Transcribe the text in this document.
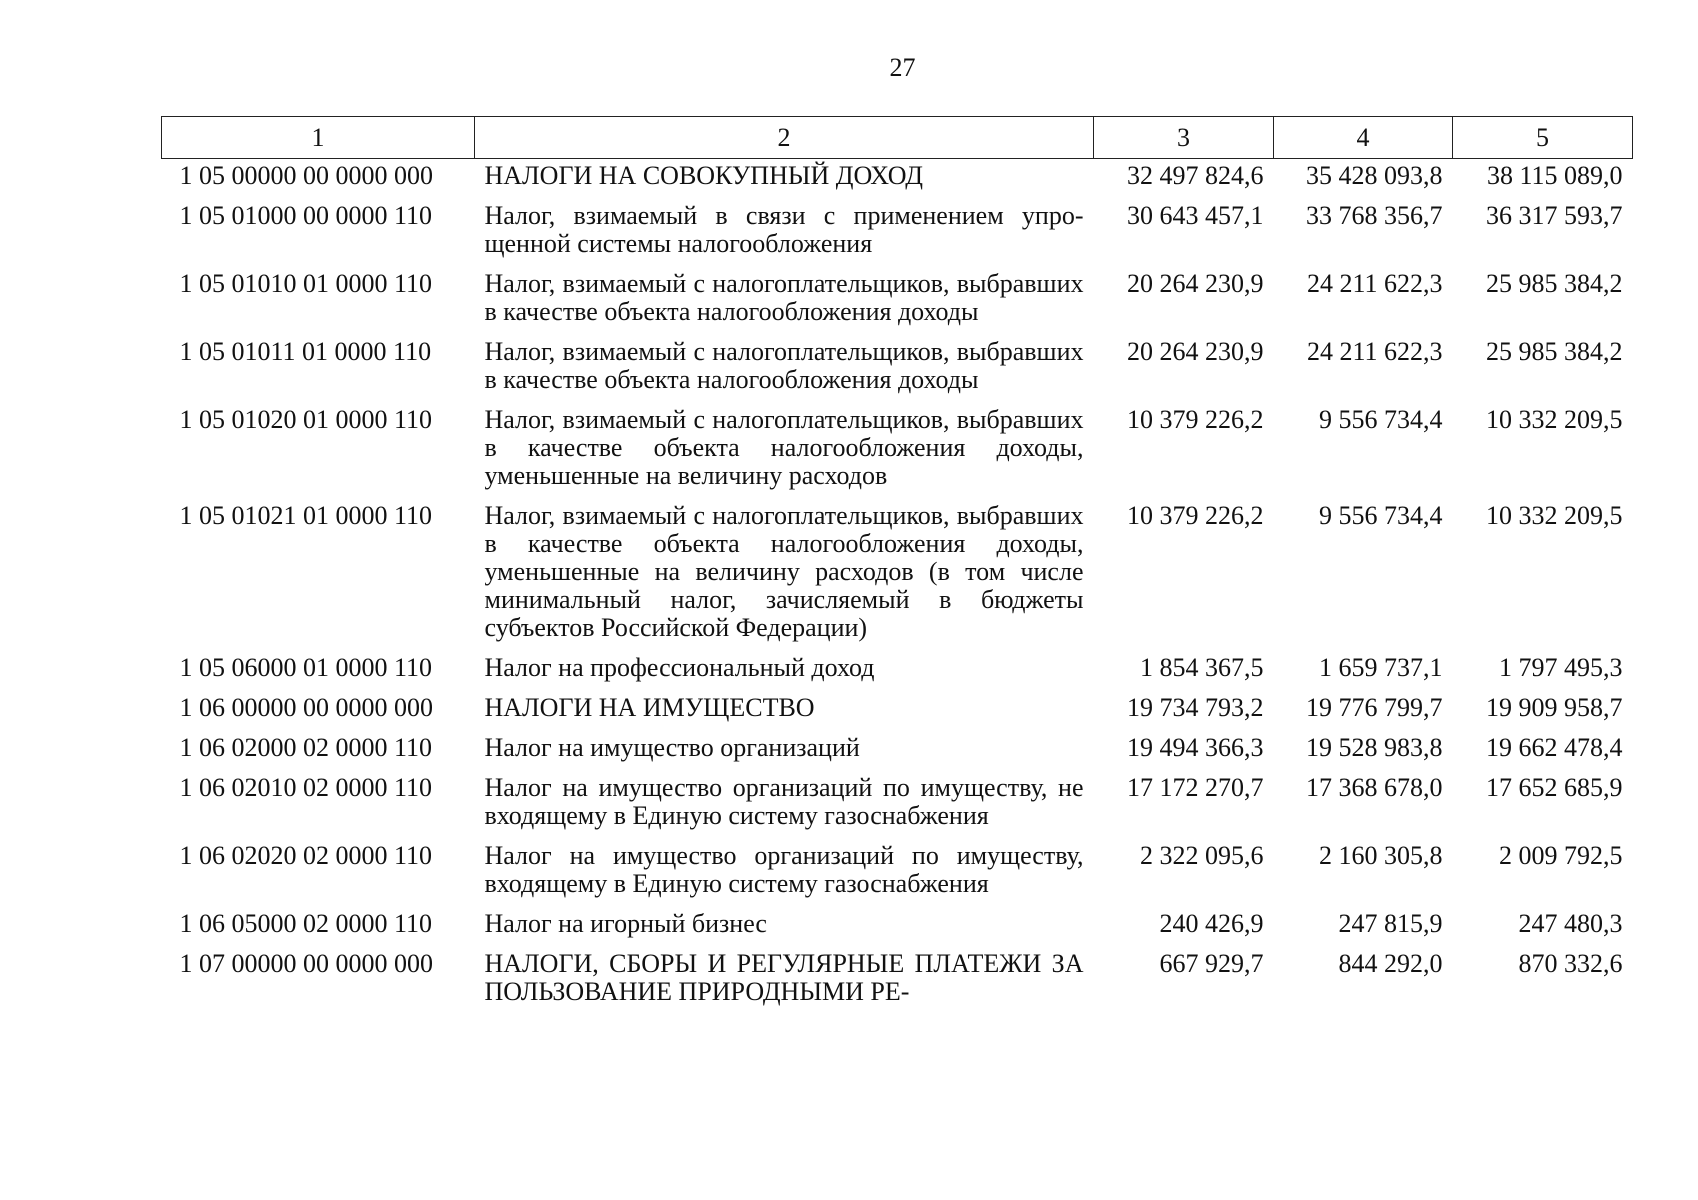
27
1	2	3	4	5
1 05 00000 00 0000 000	НАЛОГИ НА СОВОКУПНЫЙ ДОХОД	32 497 824,6	35 428 093,8	38 115 089,0
1 05 01000 00 0000 110	Налог, взимаемый в связи с применением упрощенной системы налогообложения	30 643 457,1	33 768 356,7	36 317 593,7
1 05 01010 01 0000 110	Налог, взимаемый с налогоплательщиков, выбравших в качестве объекта налогообложения доходы	20 264 230,9	24 211 622,3	25 985 384,2
1 05 01011 01 0000 110	Налог, взимаемый с налогоплательщиков, выбравших в качестве объекта налогообложения доходы	20 264 230,9	24 211 622,3	25 985 384,2
1 05 01020 01 0000 110	Налог, взимаемый с налогоплательщиков, выбравших в качестве объекта налогообложения доходы, уменьшенные на величину расходов	10 379 226,2	9 556 734,4	10 332 209,5
1 05 01021 01 0000 110	Налог, взимаемый с налогоплательщиков, выбравших в качестве объекта налогообложения доходы, уменьшенные на величину расходов (в том числе минимальный налог, зачисляемый в бюджеты субъектов Российской Федерации)	10 379 226,2	9 556 734,4	10 332 209,5
1 05 06000 01 0000 110	Налог на профессиональный доход	1 854 367,5	1 659 737,1	1 797 495,3
1 06 00000 00 0000 000	НАЛОГИ НА ИМУЩЕСТВО	19 734 793,2	19 776 799,7	19 909 958,7
1 06 02000 02 0000 110	Налог на имущество организаций	19 494 366,3	19 528 983,8	19 662 478,4
1 06 02010 02 0000 110	Налог на имущество организаций по имуществу, не входящему в Единую систему газоснабжения	17 172 270,7	17 368 678,0	17 652 685,9
1 06 02020 02 0000 110	Налог на имущество организаций по имуществу, входящему в Единую систему газоснабжения	2 322 095,6	2 160 305,8	2 009 792,5
1 06 05000 02 0000 110	Налог на игорный бизнес	240 426,9	247 815,9	247 480,3
1 07 00000 00 0000 000	НАЛОГИ, СБОРЫ И РЕГУЛЯРНЫЕ ПЛАТЕЖИ ЗА ПОЛЬЗОВАНИЕ ПРИРОДНЫМИ РЕ-	667 929,7	844 292,0	870 332,6
